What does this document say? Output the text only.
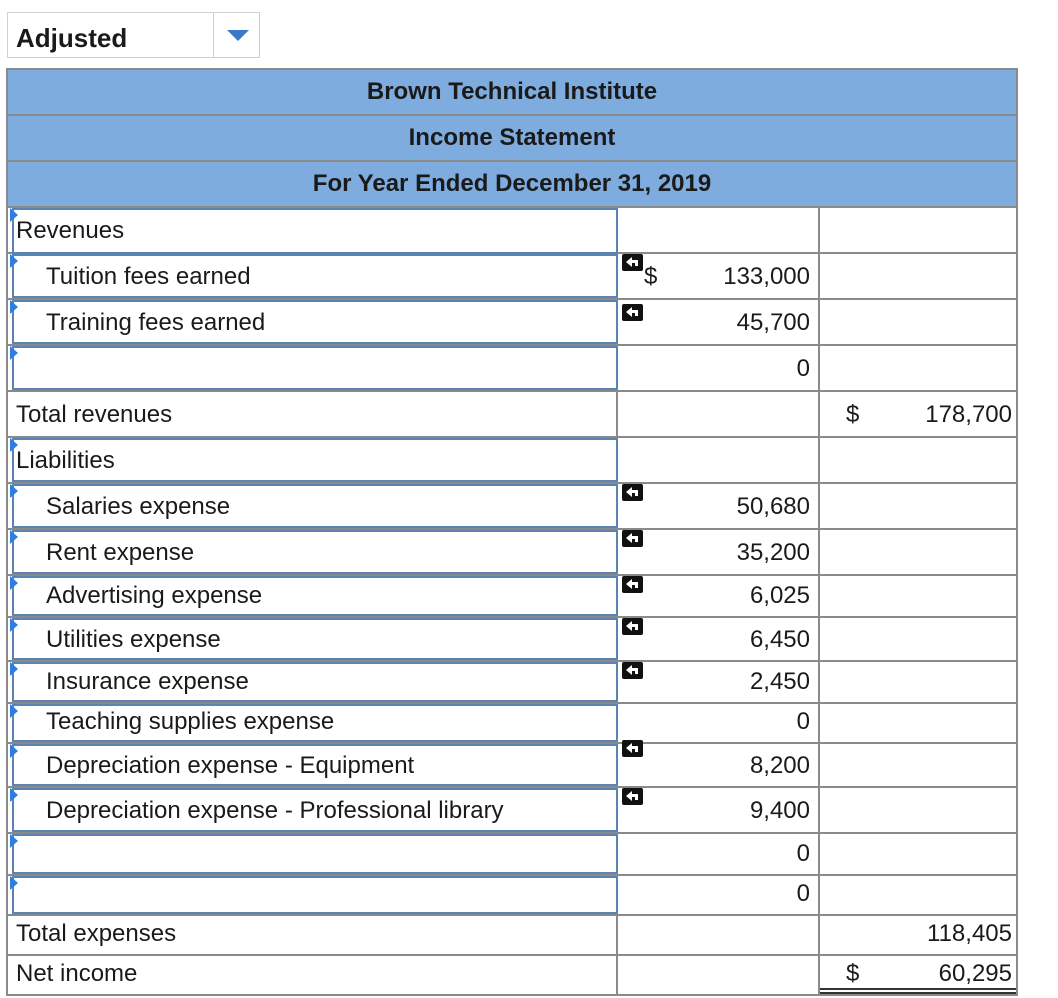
Adjusted
Brown Technical Institute
Income Statement
For Year Ended December 31, 2019
Revenues
Tuition fees earned	$	133,000
Training fees earned	45,700
0
Total revenues	$	178,700
Liabilities
Salaries expense	50,680
Rent expense	35,200
Advertising expense	6,025
Utilities expense	6,450
Insurance expense	2,450
Teaching supplies expense	0
Depreciation expense - Equipment	8,200
Depreciation expense - Professional library	9,400
0
0
Total expenses	118,405
Net income	$	60,295
